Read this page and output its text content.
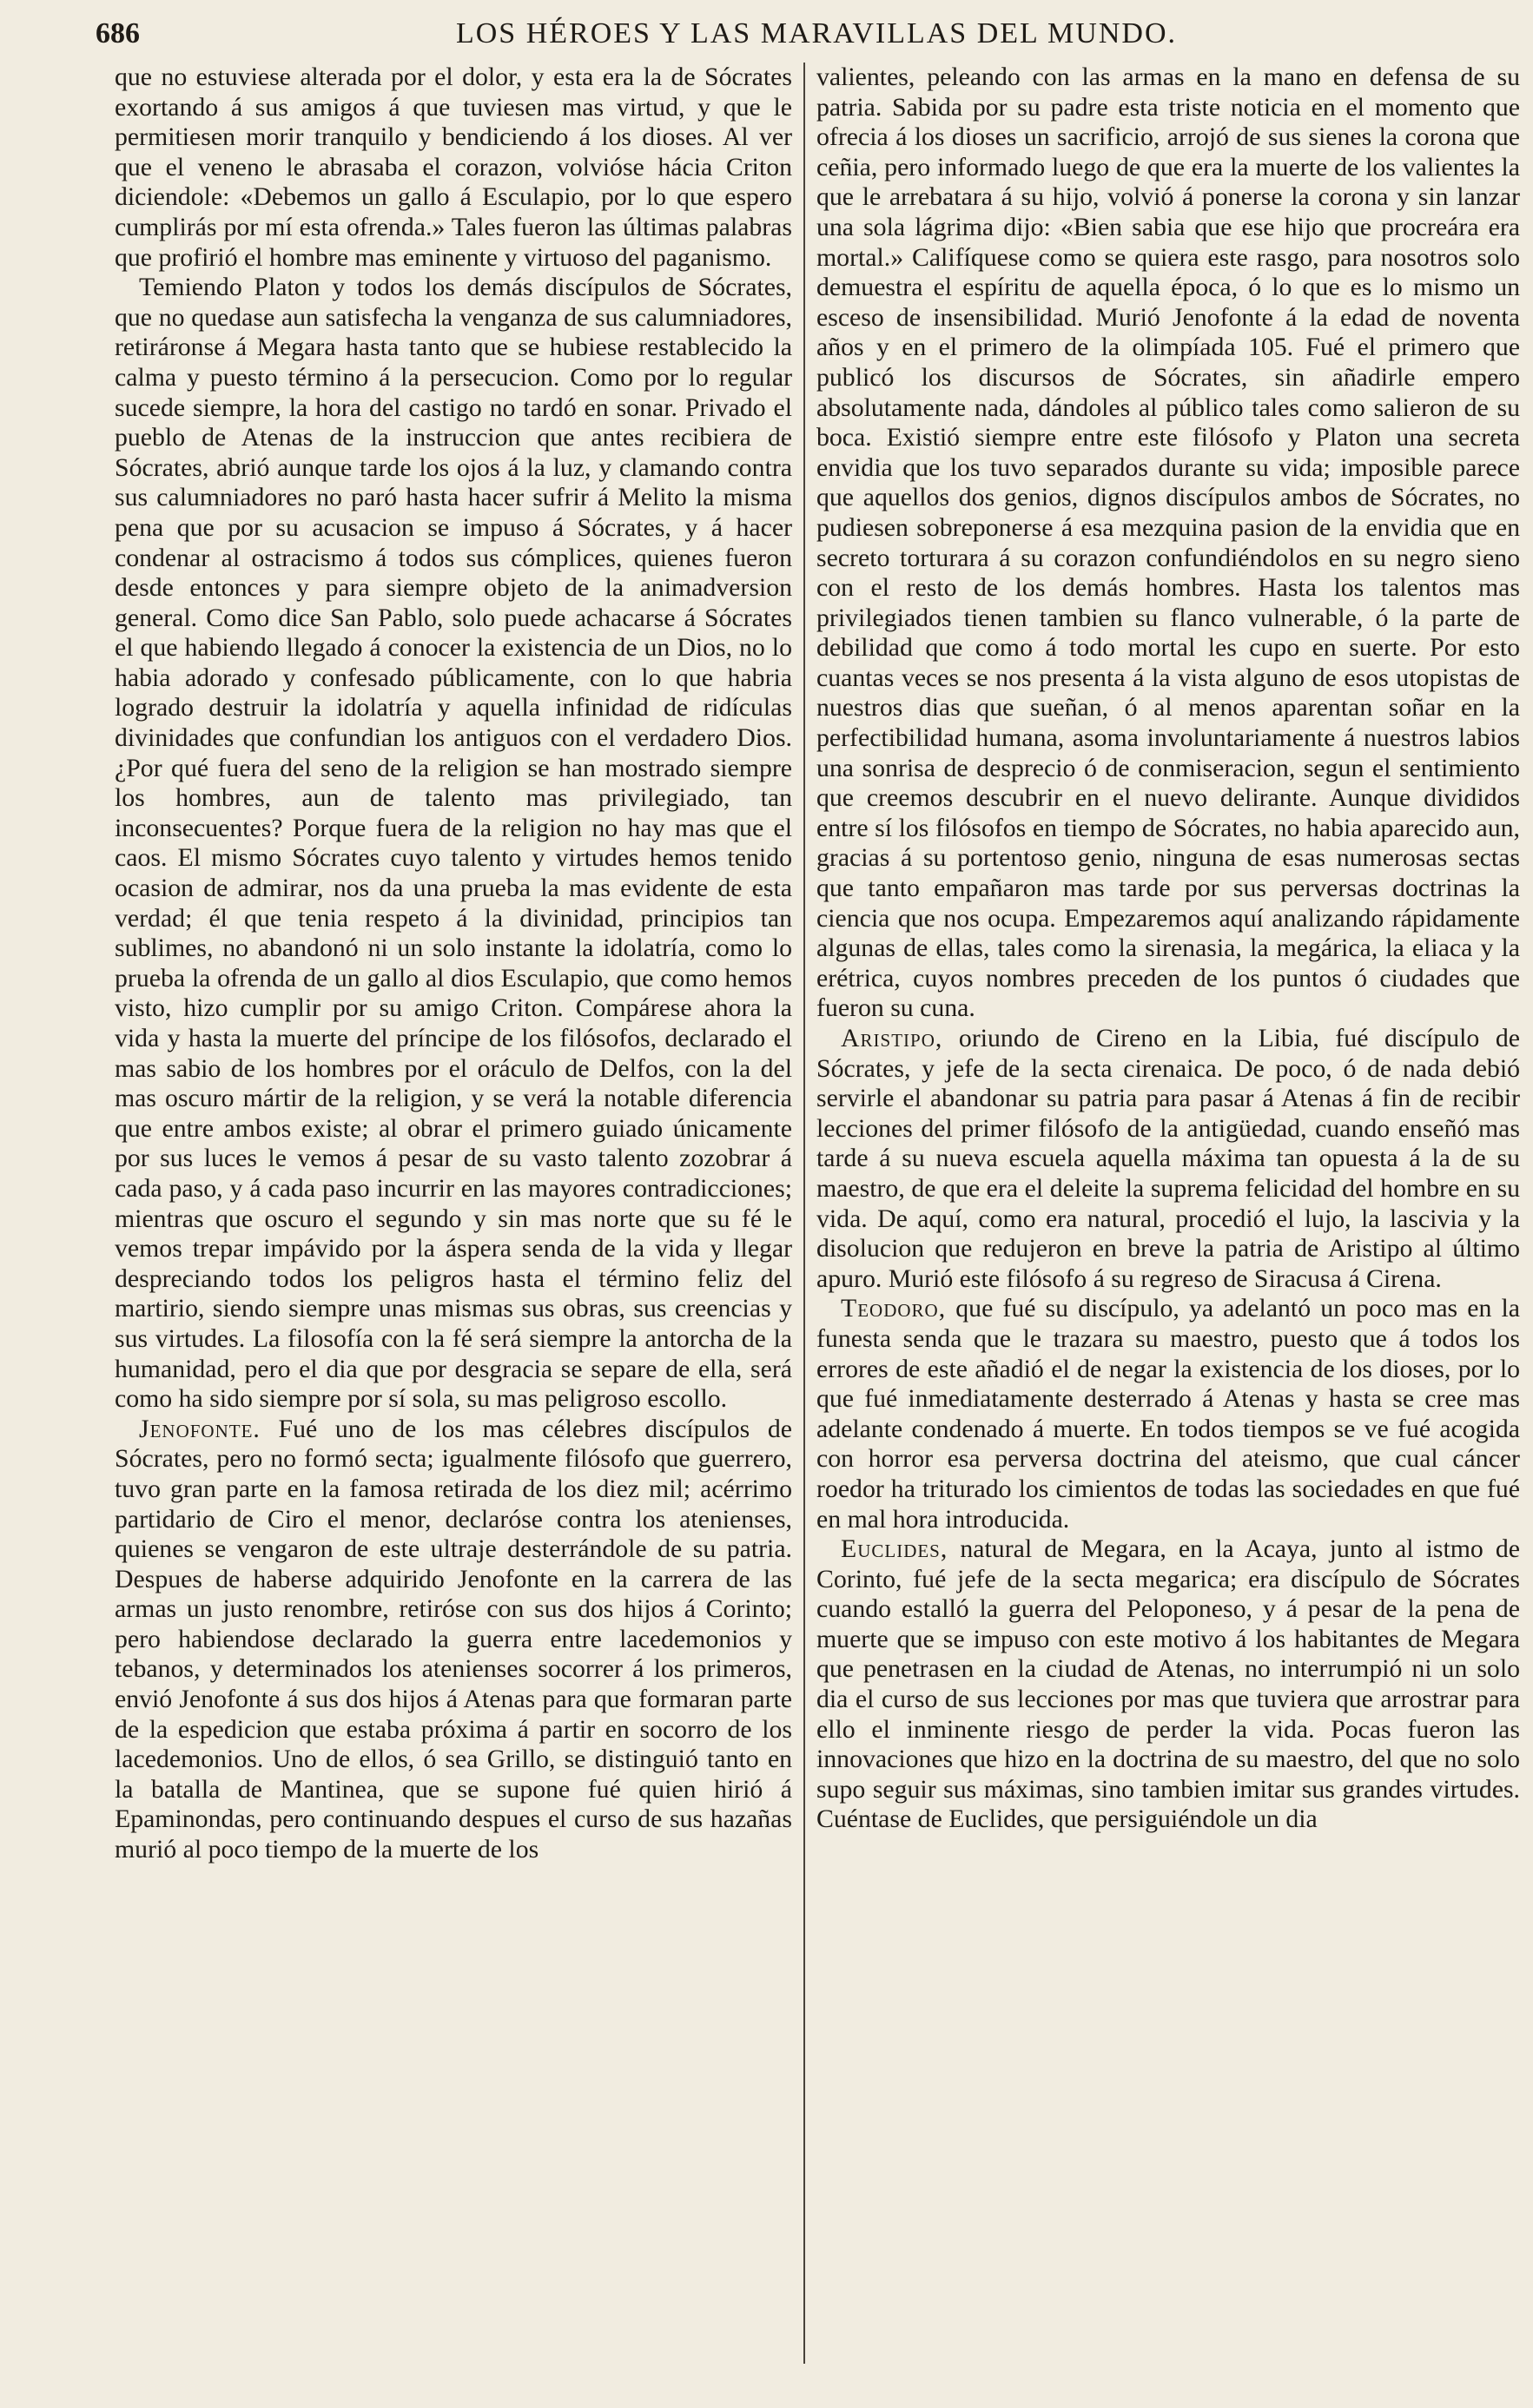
686	LOS HÉROES Y LAS MARAVILLAS DEL MUNDO.

que no estuviese alterada por el dolor, y esta era la de Sócrates exortando á sus amigos á que tuviesen mas virtud, y que le permitiesen morir tranquilo y bendiciendo á los dioses. Al ver que el veneno le abrasaba el corazon, volvióse hácia Criton diciendole: «Debemos un gallo á Esculapio, por lo que espero cumplirás por mí esta ofrenda.» Tales fueron las últimas palabras que profirió el hombre mas eminente y virtuoso del paganismo.

Temiendo Platon y todos los demás discípulos de Sócrates, que no quedase aun satisfecha la venganza de sus calumniadores, retiráronse á Megara hasta tanto que se hubiese restablecido la calma y puesto término á la persecucion. Como por lo regular sucede siempre, la hora del castigo no tardó en sonar. Privado el pueblo de Atenas de la instruccion que antes recibiera de Sócrates, abrió aunque tarde los ojos á la luz, y clamando contra sus calumniadores no paró hasta hacer sufrir á Melito la misma pena que por su acusacion se impuso á Sócrates, y á hacer condenar al ostracismo á todos sus cómplices, quienes fueron desde entonces y para siempre objeto de la animadversion general. Como dice San Pablo, solo puede achacarse á Sócrates el que habiendo llegado á conocer la existencia de un Dios, no lo habia adorado y confesado públicamente, con lo que habria logrado destruir la idolatría y aquella infinidad de ridículas divinidades que confundian los antiguos con el verdadero Dios. ¿Por qué fuera del seno de la religion se han mostrado siempre los hombres, aun de talento mas privilegiado, tan inconsecuentes? Porque fuera de la religion no hay mas que el caos. El mismo Sócrates cuyo talento y virtudes hemos tenido ocasion de admirar, nos da una prueba la mas evidente de esta verdad; él que tenia respeto á la divinidad, principios tan sublimes, no abandonó ni un solo instante la idolatría, como lo prueba la ofrenda de un gallo al dios Esculapio, que como hemos visto, hizo cumplir por su amigo Criton. Compárese ahora la vida y hasta la muerte del príncipe de los filósofos, declarado el mas sabio de los hombres por el oráculo de Delfos, con la del mas oscuro mártir de la religion, y se verá la notable diferencia que entre ambos existe; al obrar el primero guiado únicamente por sus luces le vemos á pesar de su vasto talento zozobrar á cada paso, y á cada paso incurrir en las mayores contradicciones; mientras que oscuro el segundo y sin mas norte que su fé le vemos trepar impávido por la áspera senda de la vida y llegar despreciando todos los peligros hasta el término feliz del martirio, siendo siempre unas mismas sus obras, sus creencias y sus virtudes. La filosofía con la fé será siempre la antorcha de la humanidad, pero el dia que por desgracia se separe de ella, será como ha sido siempre por sí sola, su mas peligroso escollo.

Jenofonte. Fué uno de los mas célebres discípulos de Sócrates, pero no formó secta; igualmente filósofo que guerrero, tuvo gran parte en la famosa retirada de los diez mil; acérrimo partidario de Ciro el menor, declaróse contra los atenienses, quienes se vengaron de este ultraje desterrándole de su patria. Despues de haberse adquirido Jenofonte en la carrera de las armas un justo renombre, retiróse con sus dos hijos á Corinto; pero habiendose declarado la guerra entre lacedemonios y tebanos, y determinados los atenienses socorrer á los primeros, envió Jenofonte á sus dos hijos á Atenas para que formaran parte de la espedicion que estaba próxima á partir en socorro de los lacedemonios. Uno de ellos, ó sea Grillo, se distinguió tanto en la batalla de Mantinea, que se supone fué quien hirió á Epaminondas, pero continuando despues el curso de sus hazañas murió al poco tiempo de la muerte de los

valientes, peleando con las armas en la mano en defensa de su patria. Sabida por su padre esta triste noticia en el momento que ofrecia á los dioses un sacrificio, arrojó de sus sienes la corona que ceñia, pero informado luego de que era la muerte de los valientes la que le arrebatara á su hijo, volvió á ponerse la corona y sin lanzar una sola lágrima dijo: «Bien sabia que ese hijo que procreára era mortal.» Califíquese como se quiera este rasgo, para nosotros solo demuestra el espíritu de aquella época, ó lo que es lo mismo un esceso de insensibilidad. Murió Jenofonte á la edad de noventa años y en el primero de la olimpíada 105. Fué el primero que publicó los discursos de Sócrates, sin añadirle empero absolutamente nada, dándoles al público tales como salieron de su boca. Existió siempre entre este filósofo y Platon una secreta envidia que los tuvo separados durante su vida; imposible parece que aquellos dos genios, dignos discípulos ambos de Sócrates, no pudiesen sobreponerse á esa mezquina pasion de la envidia que en secreto torturara á su corazon confundiéndolos en su negro sieno con el resto de los demás hombres. Hasta los talentos mas privilegiados tienen tambien su flanco vulnerable, ó la parte de debilidad que como á todo mortal les cupo en suerte. Por esto cuantas veces se nos presenta á la vista alguno de esos utopistas de nuestros dias que sueñan, ó al menos aparentan soñar en la perfectibilidad humana, asoma involuntariamente á nuestros labios una sonrisa de desprecio ó de conmiseracion, segun el sentimiento que creemos descubrir en el nuevo delirante. Aunque divididos entre sí los filósofos en tiempo de Sócrates, no habia aparecido aun, gracias á su portentoso genio, ninguna de esas numerosas sectas que tanto empañaron mas tarde por sus perversas doctrinas la ciencia que nos ocupa. Empezaremos aquí analizando rápidamente algunas de ellas, tales como la sirenasia, la megárica, la eliaca y la erétrica, cuyos nombres preceden de los puntos ó ciudades que fueron su cuna.

Aristipo, oriundo de Cireno en la Libia, fué discípulo de Sócrates, y jefe de la secta cirenaica. De poco, ó de nada debió servirle el abandonar su patria para pasar á Atenas á fin de recibir lecciones del primer filósofo de la antigüedad, cuando enseñó mas tarde á su nueva escuela aquella máxima tan opuesta á la de su maestro, de que era el deleite la suprema felicidad del hombre en su vida. De aquí, como era natural, procedió el lujo, la lascivia y la disolucion que redujeron en breve la patria de Aristipo al último apuro. Murió este filósofo á su regreso de Siracusa á Cirena.

Teodoro, que fué su discípulo, ya adelantó un poco mas en la funesta senda que le trazara su maestro, puesto que á todos los errores de este añadió el de negar la existencia de los dioses, por lo que fué inmediatamente desterrado á Atenas y hasta se cree mas adelante condenado á muerte. En todos tiempos se ve fué acogida con horror esa perversa doctrina del ateismo, que cual cáncer roedor ha triturado los cimientos de todas las sociedades en que fué en mal hora introducida.

Euclides, natural de Megara, en la Acaya, junto al istmo de Corinto, fué jefe de la secta megarica; era discípulo de Sócrates cuando estalló la guerra del Peloponeso, y á pesar de la pena de muerte que se impuso con este motivo á los habitantes de Megara que penetrasen en la ciudad de Atenas, no interrumpió ni un solo dia el curso de sus lecciones por mas que tuviera que arrostrar para ello el inminente riesgo de perder la vida. Pocas fueron las innovaciones que hizo en la doctrina de su maestro, del que no solo supo seguir sus máximas, sino tambien imitar sus grandes virtudes. Cuéntase de Euclides, que persiguiéndole un dia
